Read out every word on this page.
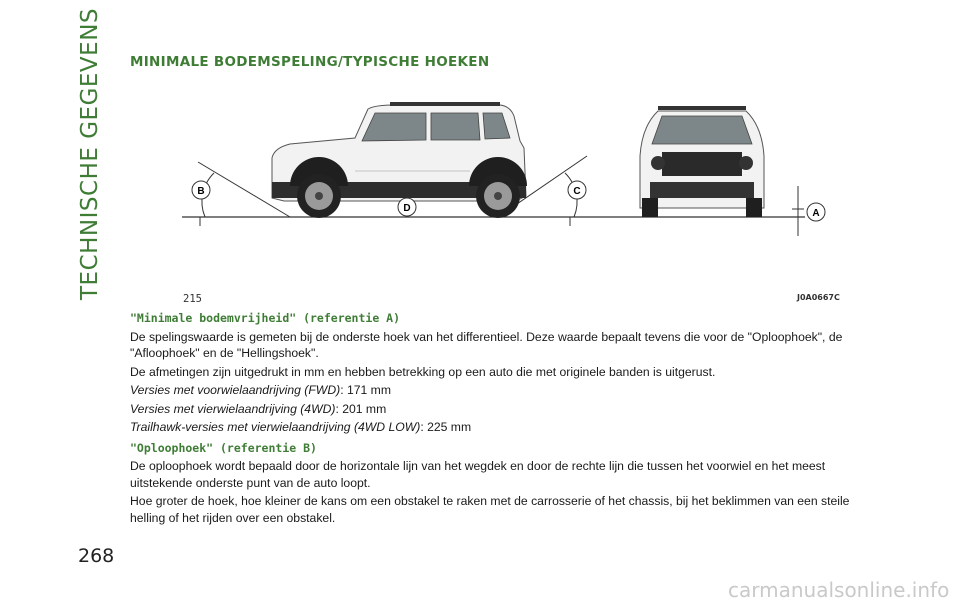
TECHNISCHE GEGEVENS	MINIMALE BODEMSPELING/TYPISCHE HOEKEN
B	C
D	A
215	J0A0667C

"Minimale bodemvrijheid" (referentie A)

De spelingswaarde is gemeten bij de onderste hoek van het differentieel. Deze waarde bepaalt tevens die voor de "Oploophoek", de "Afloophoek" en de "Hellingshoek".

De afmetingen zijn uitgedrukt in mm en hebben betrekking op een auto die met originele banden is uitgerust.

Versies met voorwielaandrijving (FWD): 171 mm

Versies met vierwielaandrijving (4WD): 201 mm

Trailhawk-versies met vierwielaandrijving (4WD LOW): 225 mm

"Oploophoek" (referentie B)

De oploophoek wordt bepaald door de horizontale lijn van het wegdek en door de rechte lijn die tussen het voorwiel en het meest uitstekende onderste punt van de auto loopt.

Hoe groter de hoek, hoe kleiner de kans om een obstakel te raken met de carrosserie of het chassis, bij het beklimmen van een steile helling of het rijden over een obstakel.

268
carmanualsonline.info
